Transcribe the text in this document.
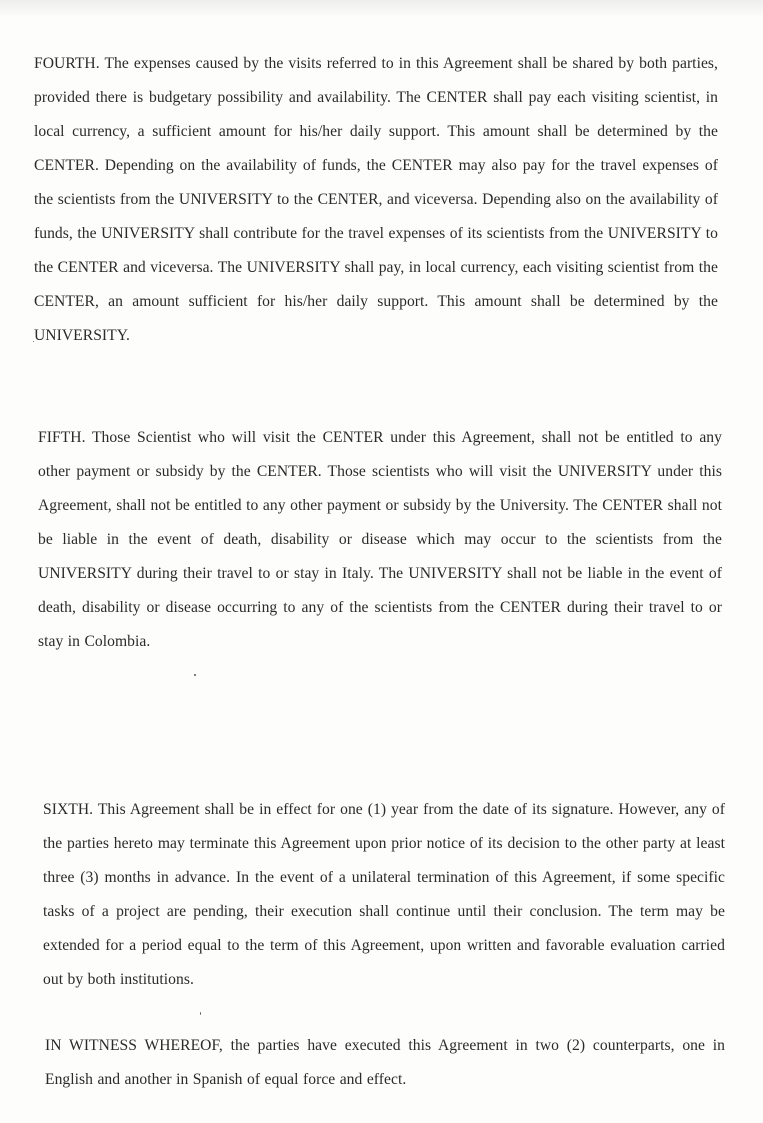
FOURTH. The expenses caused by the visits referred to in this Agreement shall be shared by both parties, provided there is budgetary possibility and availability. The CENTER shall pay each visiting scientist, in local currency, a sufficient amount for his/her daily support. This amount shall be determined by the CENTER. Depending on the availability of funds, the CENTER may also pay for the travel expenses of the scientists from the UNIVERSITY to the CENTER, and viceversa. Depending also on the availability of funds, the UNIVERSITY shall contribute for the travel expenses of its scientists from the UNIVERSITY to the CENTER and viceversa. The UNIVERSITY shall pay, in local currency, each visiting scientist from the CENTER, an amount sufficient for his/her daily support. This amount shall be determined by the UNIVERSITY.

FIFTH. Those Scientist who will visit the CENTER under this Agreement, shall not be entitled to any other payment or subsidy by the CENTER. Those scientists who will visit the UNIVERSITY under this Agreement, shall not be entitled to any other payment or subsidy by the University. The CENTER shall not be liable in the event of death, disability or disease which may occur to the scientists from the UNIVERSITY during their travel to or stay in Italy. The UNIVERSITY shall not be liable in the event of death, disability or disease occurring to any of the scientists from the CENTER during their travel to or stay in Colombia.

SIXTH. This Agreement shall be in effect for one (1) year from the date of its signature. However, any of the parties hereto may terminate this Agreement upon prior notice of its decision to the other party at least three (3) months in advance. In the event of a unilateral termination of this Agreement, if some specific tasks of a project are pending, their execution shall continue until their conclusion. The term may be extended for a period equal to the term of this Agreement, upon written and favorable evaluation carried out by both institutions.

IN WITNESS WHEREOF, the parties have executed this Agreement in two (2) counterparts, one in English and another in Spanish of equal force and effect.
